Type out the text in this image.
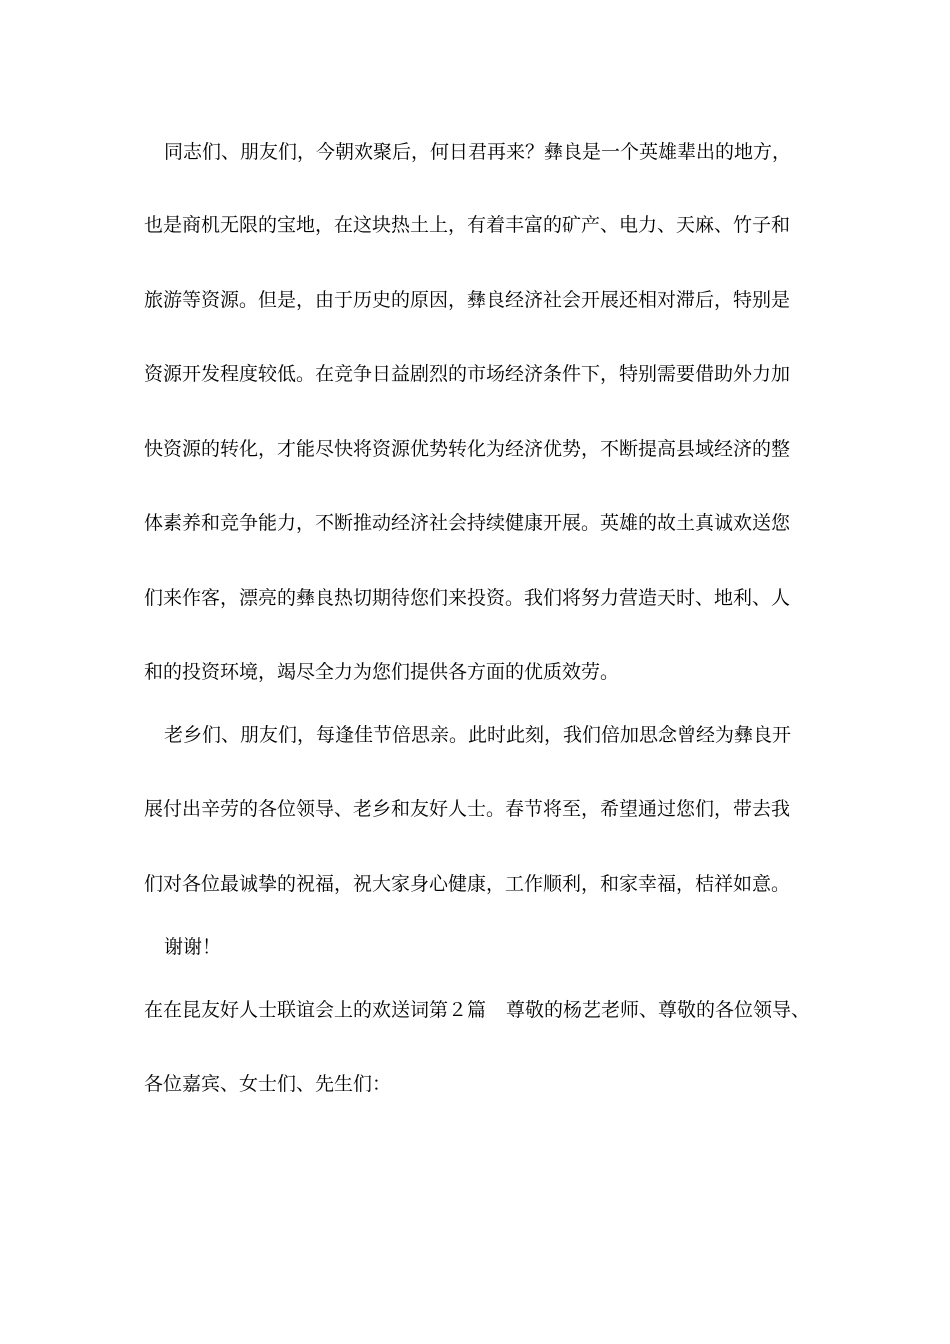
同志们、朋友们，今朝欢聚后，何日君再来？彝良是一个英雄辈出的地方，
也是商机无限的宝地，在这块热土上，有着丰富的矿产、电力、天麻、竹子和
旅游等资源。但是，由于历史的原因，彝良经济社会开展还相对滞后，特别是
资源开发程度较低。在竞争日益剧烈的市场经济条件下，特别需要借助外力加
快资源的转化，才能尽快将资源优势转化为经济优势，不断提高县域经济的整
体素养和竞争能力，不断推动经济社会持续健康开展。英雄的故土真诚欢送您
们来作客，漂亮的彝良热切期待您们来投资。我们将努力营造天时、地利、人
和的投资环境，竭尽全力为您们提供各方面的优质效劳。
老乡们、朋友们，每逢佳节倍思亲。此时此刻，我们倍加思念曾经为彝良开
展付出辛劳的各位领导、老乡和友好人士。春节将至，希望通过您们，带去我
们对各位最诚挚的祝福，祝大家身心健康，工作顺利，和家幸福，桔祥如意。
谢谢！
在在昆友好人士联谊会上的欢送词第２篇 尊敬的杨艺老师、尊敬的各位领导、
各位嘉宾、女士们、先生们：
